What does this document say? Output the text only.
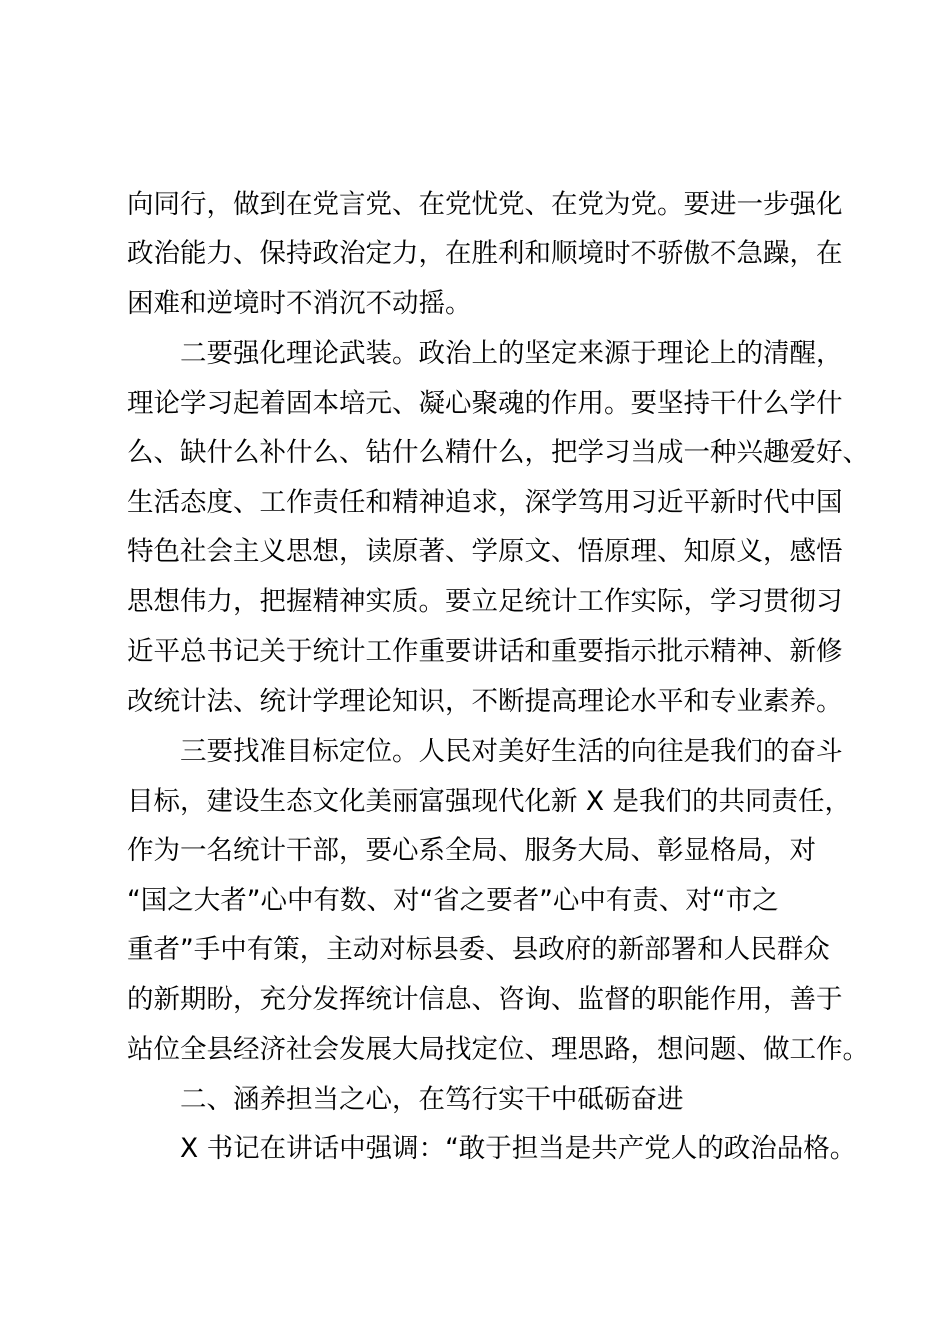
向同行，做到在党言党、在党忧党、在党为党。要进一步强化
政治能力、保持政治定力，在胜利和顺境时不骄傲不急躁，在
困难和逆境时不消沉不动摇。
二要强化理论武装。政治上的坚定来源于理论上的清醒，
理论学习起着固本培元、凝心聚魂的作用。要坚持干什么学什
么、缺什么补什么、钻什么精什么，把学习当成一种兴趣爱好、
生活态度、工作责任和精神追求，深学笃用习近平新时代中国
特色社会主义思想，读原著、学原文、悟原理、知原义，感悟
思想伟力，把握精神实质。要立足统计工作实际，学习贯彻习
近平总书记关于统计工作重要讲话和重要指示批示精神、新修
改统计法、统计学理论知识，不断提高理论水平和专业素养。
三要找准目标定位。人民对美好生活的向往是我们的奋斗
目标，建设生态文化美丽富强现代化新 X 是我们的共同责任，
作为一名统计干部，要心系全局、服务大局、彰显格局，对
“国之大者”心中有数、对“省之要者”心中有责、对“市之
重者”手中有策，主动对标县委、县政府的新部署和人民群众
的新期盼，充分发挥统计信息、咨询、监督的职能作用，善于
站位全县经济社会发展大局找定位、理思路，想问题、做工作。
二、涵养担当之心，在笃行实干中砥砺奋进
X 书记在讲话中强调：“敢于担当是共产党人的政治品格。
